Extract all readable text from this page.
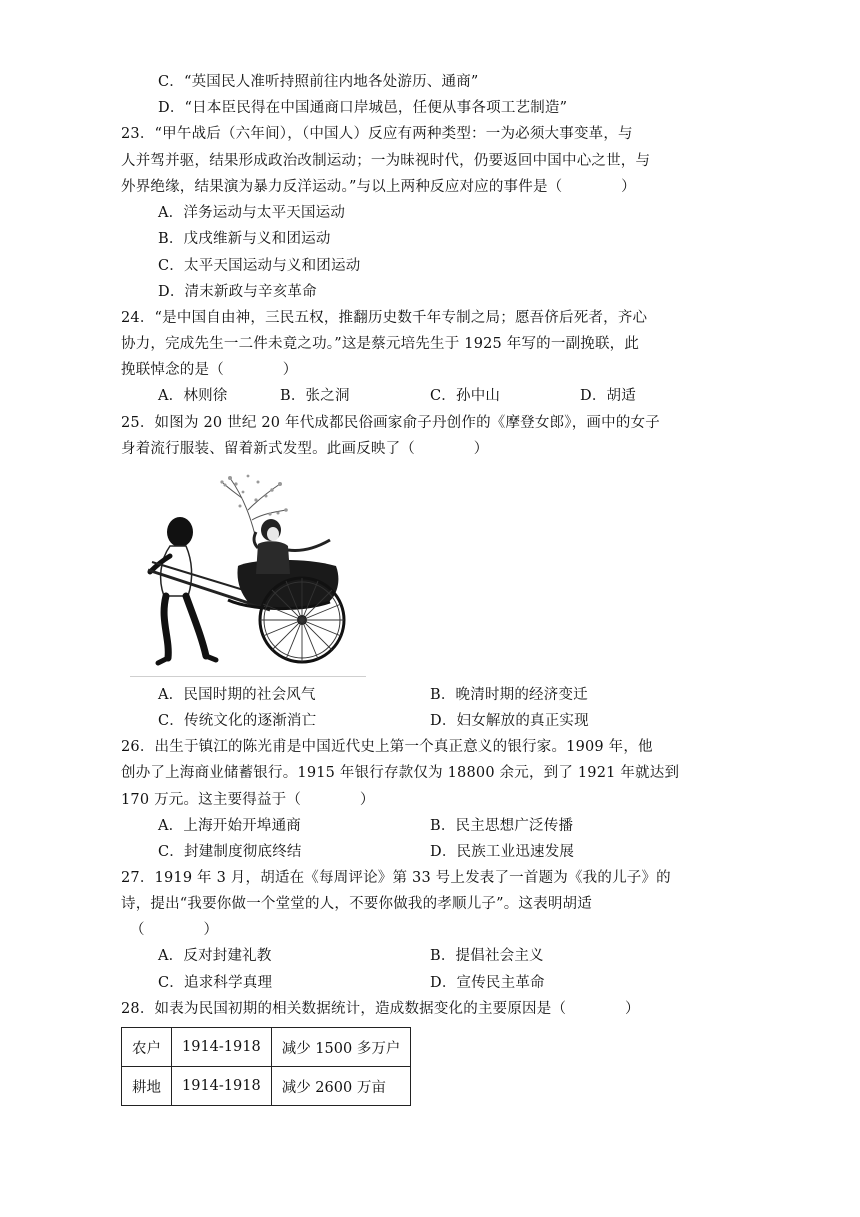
C．“英国民人准听持照前往内地各处游历、通商”
D．“日本臣民得在中国通商口岸城邑，任便从事各项工艺制造”
23．“甲午战后（六年间），（中国人）反应有两种类型：一为必须大事变革，与
人并驾并驱，结果形成政治改制运动；一为昧视时代，仍要返回中国中心之世，与
外界绝缘，结果演为暴力反洋运动。”与以上两种反应对应的事件是（　　　　）
A．洋务运动与太平天国运动
B．戊戌维新与义和团运动
C．太平天国运动与义和团运动
D．清末新政与辛亥革命
24．“是中国自由神，三民五权，推翻历史数千年专制之局；愿吾侪后死者，齐心
协力，完成先生一二件未竟之功。”这是蔡元培先生于 1925 年写的一副挽联，此
挽联悼念的是（　　　　）
A．林则徐	B．张之洞	C．孙中山	D．胡适
25．如图为 20 世纪 20 年代成都民俗画家俞子丹创作的《摩登女郎》，画中的女子
身着流行服装、留着新式发型。此画反映了（　　　　）
A．民国时期的社会风气	B．晚清时期的经济变迁
C．传统文化的逐渐消亡	D．妇女解放的真正实现
26．出生于镇江的陈光甫是中国近代史上第一个真正意义的银行家。1909 年，他
创办了上海商业储蓄银行。1915 年银行存款仅为 18800 余元，到了 1921 年就达到
170 万元。这主要得益于（　　　　）
A．上海开始开埠通商	B．民主思想广泛传播
C．封建制度彻底终结	D．民族工业迅速发展
27．1919 年 3 月，胡适在《每周评论》第 33 号上发表了一首题为《我的儿子》的
诗，提出“我要你做一个堂堂的人，不要你做我的孝顺儿子”。这表明胡适
（　　　　）
A．反对封建礼教	B．提倡社会主义
C．追求科学真理	D．宣传民主革命
28．如表为民国初期的相关数据统计，造成数据变化的主要原因是（　　　　）
农户	1914-1918	减少 1500 多万户
耕地	1914-1918	减少 2600 万亩
